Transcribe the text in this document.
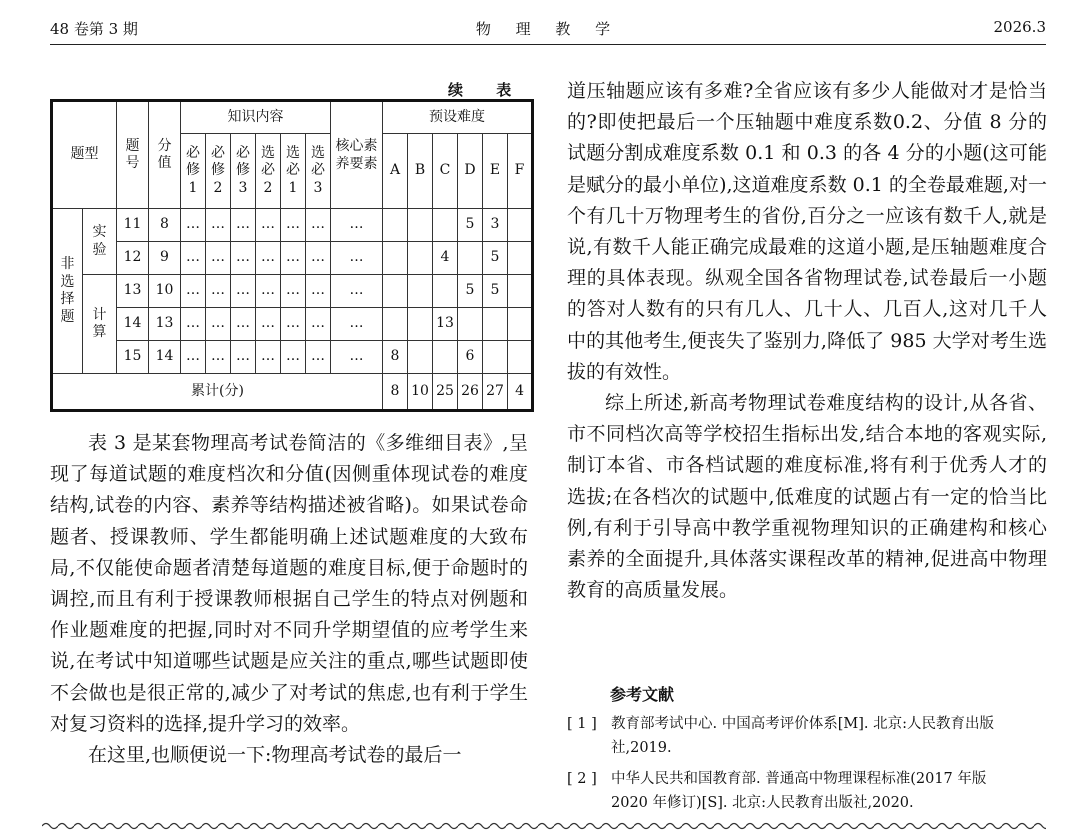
48 卷第 3 期	物 理 教 学	2026.3
续 表
题型		题号	分值	知识内容						核心素养要素	预设难度					
				必修1	必修2	必修3	选必2	选必1	选必3		A	B	C	D	E	F
非选择题	实验	11	8	…	…	…	…	…	…	…				5	3	
		12	9	…	…	…	…	…	…	…			4		5	
	计算	13	10	…	…	…	…	…	…	…				5	5	
		14	13	…	…	…	…	…	…	…			13			
		15	14	…	…	…	…	…	…	…	8			6		
累计(分)											8	10	25	26	27	4

表 3 是某套物理高考试卷简洁的《多维细目表》,呈现了每道试题的难度档次和分值(因侧重体现试卷的难度结构,试卷的内容、素养等结构描述被省略)。如果试卷命题者、授课教师、学生都能明确上述试题难度的大致布局,不仅能使命题者清楚每道题的难度目标,便于命题时的调控,而且有利于授课教师根据自己学生的特点对例题和作业题难度的把握,同时对不同升学期望值的应考学生来说,在考试中知道哪些试题是应关注的重点,哪些试题即使不会做也是很正常的,减少了对考试的焦虑,也有利于学生对复习资料的选择,提升学习的效率。

在这里,也顺便说一下:物理高考试卷的最后一

道压轴题应该有多难?全省应该有多少人能做对才是恰当的?即使把最后一个压轴题中难度系数0.2、分值 8 分的试题分割成难度系数 0.1 和 0.3 的各 4 分的小题(这可能是赋分的最小单位),这道难度系数 0.1 的全卷最难题,对一个有几十万物理考生的省份,百分之一应该有数千人,就是说,有数千人能正确完成最难的这道小题,是压轴题难度合理的具体表现。纵观全国各省物理试卷,试卷最后一小题的答对人数有的只有几人、几十人、几百人,这对几千人中的其他考生,便丧失了鉴别力,降低了 985 大学对考生选拔的有效性。

综上所述,新高考物理试卷难度结构的设计,从各省、市不同档次高等学校招生指标出发,结合本地的客观实际,制订本省、市各档试题的难度标准,将有利于优秀人才的选拔;在各档次的试题中,低难度的试题占有一定的恰当比例,有利于引导高中教学重视物理知识的正确建构和核心素养的全面提升,具体落实课程改革的精神,促进高中物理教育的高质量发展。

参考文献
[ 1 ] 教育部考试中心. 中国高考评价体系[M]. 北京:人民教育出版
社,2019.
[ 2 ] 中华人民共和国教育部. 普通高中物理课程标准(2017 年版
2020 年修订)[S]. 北京:人民教育出版社,2020.
